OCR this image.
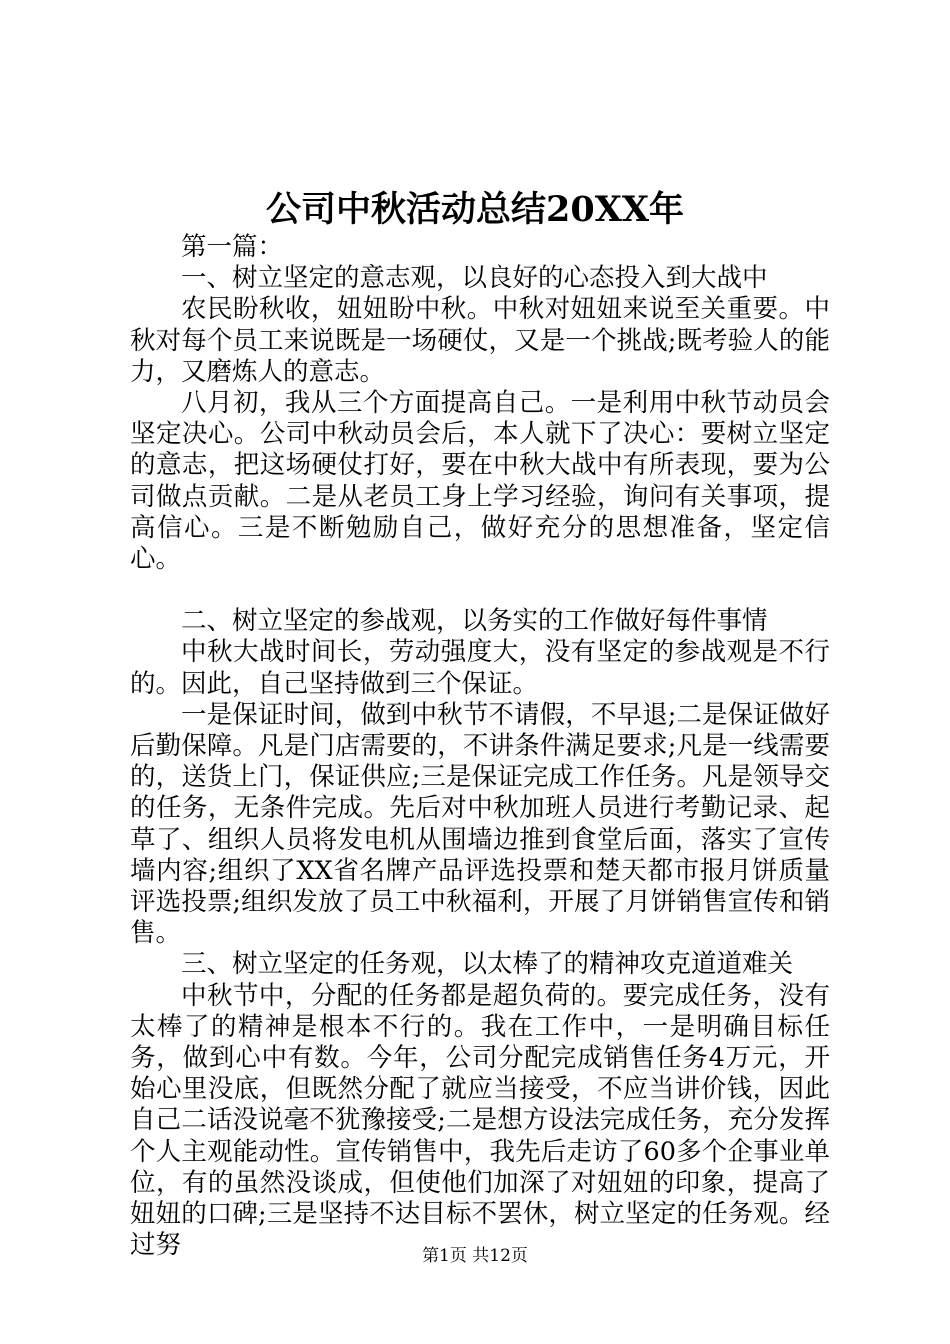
公司中秋活动总结20XX年

第一篇：

一、树立坚定的意志观，以良好的心态投入到大战中

农民盼秋收，妞妞盼中秋。中秋对妞妞来说至关重要。中秋对每个员工来说既是一场硬仗，又是一个挑战;既考验人的能力，又磨炼人的意志。

八月初，我从三个方面提高自己。一是利用中秋节动员会坚定决心。公司中秋动员会后，本人就下了决心：要树立坚定的意志，把这场硬仗打好，要在中秋大战中有所表现，要为公司做点贡献。二是从老员工身上学习经验，询问有关事项，提高信心。三是不断勉励自己，做好充分的思想准备，坚定信心。

二、树立坚定的参战观，以务实的工作做好每件事情

中秋大战时间长，劳动强度大，没有坚定的参战观是不行的。因此，自己坚持做到三个保证。

一是保证时间，做到中秋节不请假，不早退;二是保证做好后勤保障。凡是门店需要的，不讲条件满足要求;凡是一线需要的，送货上门，保证供应;三是保证完成工作任务。凡是领导交的任务，无条件完成。先后对中秋加班人员进行考勤记录、起草了、组织人员将发电机从围墙边推到食堂后面，落实了宣传墙内容;组织了XX省名牌产品评选投票和楚天都市报月饼质量评选投票;组织发放了员工中秋福利，开展了月饼销售宣传和销售。

三、树立坚定的任务观，以太棒了的精神攻克道道难关

中秋节中，分配的任务都是超负荷的。要完成任务，没有太棒了的精神是根本不行的。我在工作中，一是明确目标任务，做到心中有数。今年，公司分配完成销售任务4万元，开始心里没底，但既然分配了就应当接受，不应当讲价钱，因此自己二话没说毫不犹豫接受;二是想方设法完成任务，充分发挥个人主观能动性。宣传销售中，我先后走访了60多个企事业单位，有的虽然没谈成，但使他们加深了对妞妞的印象，提高了妞妞的口碑;三是坚持不达目标不罢休，树立坚定的任务观。经过努	第1页 共12页
